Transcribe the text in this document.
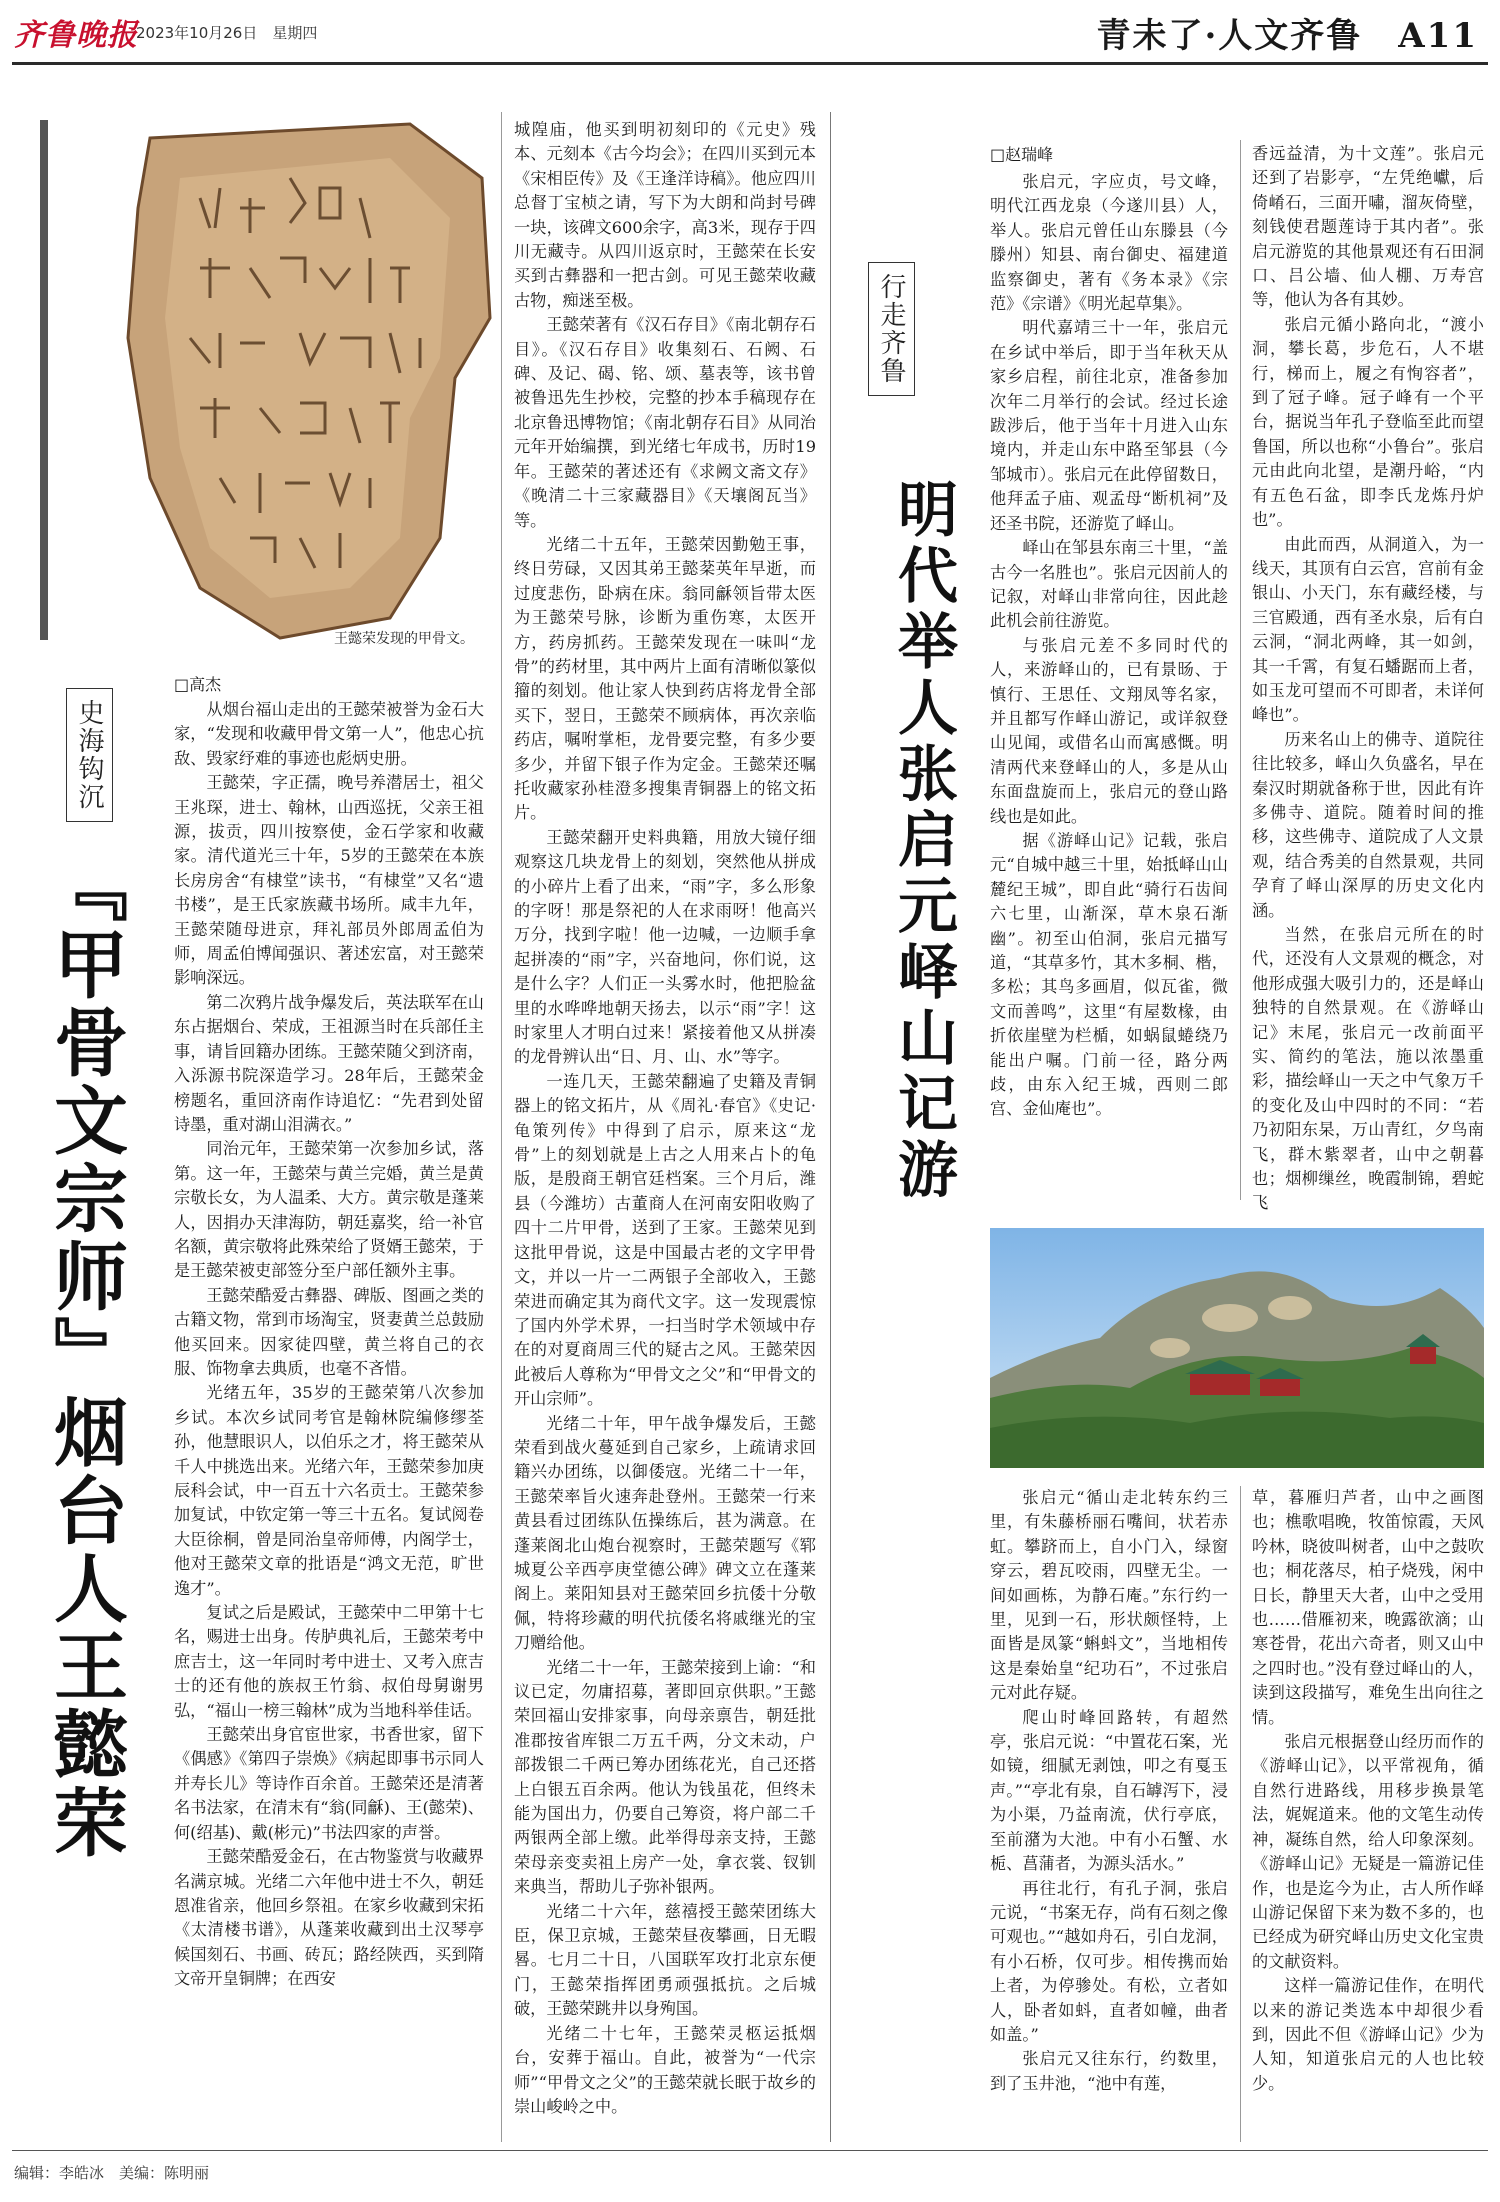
齐鲁晚报
2023年10月26日　星期四	青未了·人文齐鲁　A11
王懿荣发现的甲骨文。
史海钩沉
『甲骨文宗师』烟台人王懿荣
□高杰

从烟台福山走出的王懿荣被誉为金石大家，“发现和收藏甲骨文第一人”，他忠心抗敌、毁家纾难的事迹也彪炳史册。

王懿荣，字正孺，晚号养潜居士，祖父王兆琛，进士、翰林，山西巡抚，父亲王祖源，拔贡，四川按察使，金石学家和收藏家。清代道光三十年，5岁的王懿荣在本族长房房舍“有棣堂”读书，“有棣堂”又名“遗书楼”，是王氏家族藏书场所。咸丰九年，王懿荣随母进京，拜礼部员外郎周孟伯为师，周孟伯博闻强识、著述宏富，对王懿荣影响深远。

第二次鸦片战争爆发后，英法联军在山东占据烟台、荣成，王祖源当时在兵部任主事，请旨回籍办团练。王懿荣随父到济南，入泺源书院深造学习。28年后，王懿荣金榜题名，重回济南作诗追忆：“先君到处留诗墨，重对湖山泪满衣。”

同治元年，王懿荣第一次参加乡试，落第。这一年，王懿荣与黄兰完婚，黄兰是黄宗敬长女，为人温柔、大方。黄宗敬是蓬莱人，因捐办天津海防，朝廷嘉奖，给一补官名额，黄宗敬将此殊荣给了贤婿王懿荣，于是王懿荣被吏部签分至户部任额外主事。

王懿荣酷爱古彝器、碑版、图画之类的古籍文物，常到市场淘宝，贤妻黄兰总鼓励他买回来。因家徒四壁，黄兰将自己的衣服、饰物拿去典质，也毫不吝惜。

光绪五年，35岁的王懿荣第八次参加乡试。本次乡试同考官是翰林院编修缪荃孙，他慧眼识人，以伯乐之才，将王懿荣从千人中挑选出来。光绪六年，王懿荣参加庚辰科会试，中一百五十六名贡士。王懿荣参加复试，中钦定第一等三十五名。复试阅卷大臣徐桐，曾是同治皇帝师傅，内阁学士，他对王懿荣文章的批语是“鸿文无范，旷世逸才”。

复试之后是殿试，王懿荣中二甲第十七名，赐进士出身。传胪典礼后，王懿荣考中庶吉士，这一年同时考中进士、又考入庶吉士的还有他的族叔王竹翁、叔伯母舅谢男弘，“福山一榜三翰林”成为当地科举佳话。

王懿荣出身官宦世家，书香世家，留下《偶感》《第四子崇焕》《病起即事书示同人并寿长儿》等诗作百余首。王懿荣还是清著名书法家，在清末有“翁(同龢)、王(懿荣)、何(绍基)、戴(彬元)”书法四家的声誉。

王懿荣酷爱金石，在古物鉴赏与收藏界名满京城。光绪二六年他中进士不久，朝廷恩准省亲，他回乡祭祖。在家乡收藏到宋拓《太清楼书谱》，从蓬莱收藏到出土汉琴亭候国刻石、书画、砖瓦；路经陕西，买到隋文帝开皇铜牌；在西安

城隍庙，他买到明初刻印的《元史》残本、元刻本《古今均会》；在四川买到元本《宋相臣传》及《王逢洋诗稿》。他应四川总督丁宝桢之请，写下为大朗和尚封号碑一块，该碑文600余字，高3米，现存于四川无藏寺。从四川返京时，王懿荣在长安买到古彝器和一把古剑。可见王懿荣收藏古物，痴迷至极。

王懿荣著有《汉石存目》《南北朝存石目》。《汉石存目》收集刻石、石阙、石碑、及记、碣、铭、颂、墓表等，该书曾被鲁迅先生抄校，完整的抄本手稿现存在北京鲁迅博物馆；《南北朝存石目》从同治元年开始编撰，到光绪七年成书，历时19年。王懿荣的著述还有《求阙文斋文存》《晚清二十三家藏器目》《天壤阁瓦当》等。

光绪二十五年，王懿荣因勤勉王事，终日劳碌，又因其弟王懿棻英年早逝，而过度悲伤，卧病在床。翁同龢领旨带太医为王懿荣号脉，诊断为重伤寒，太医开方，药房抓药。王懿荣发现在一味叫“龙骨”的药材里，其中两片上面有清晰似篆似籀的刻划。他让家人快到药店将龙骨全部买下，翌日，王懿荣不顾病体，再次亲临药店，嘱咐掌柜，龙骨要完整，有多少要多少，并留下银子作为定金。王懿荣还嘱托收藏家孙桂澄多搜集青铜器上的铭文拓片。

王懿荣翻开史料典籍，用放大镜仔细观察这几块龙骨上的刻划，突然他从拼成的小碎片上看了出来，“雨”字，多么形象的字呀！那是祭祀的人在求雨呀！他高兴万分，找到字啦！他一边喊，一边顺手拿起拼凑的“雨”字，兴奋地问，你们说，这是什么字？人们正一头雾水时，他把脸盆里的水哗哗地朝天扬去，以示“雨”字！这时家里人才明白过来！紧接着他又从拼凑的龙骨辨认出“日、月、山、水”等字。

一连几天，王懿荣翻遍了史籍及青铜器上的铭文拓片，从《周礼·春官》《史记·龟策列传》中得到了启示，原来这“龙骨”上的刻划就是上古之人用来占卜的龟版，是殷商王朝官廷档案。三个月后，潍县（今潍坊）古董商人在河南安阳收购了四十二片甲骨，送到了王家。王懿荣见到这批甲骨说，这是中国最古老的文字甲骨文，并以一片一二两银子全部收入，王懿荣进而确定其为商代文字。这一发现震惊了国内外学术界，一扫当时学术领域中存在的对夏商周三代的疑古之风。王懿荣因此被后人尊称为“甲骨文之父”和“甲骨文的开山宗师”。

光绪二十年，甲午战争爆发后，王懿荣看到战火蔓延到自己家乡，上疏请求回籍兴办团练，以御倭寇。光绪二十一年，王懿荣率旨火速奔赴登州。王懿荣一行来黄县看过团练队伍操练后，甚为满意。在蓬莱阁北山炮台视察时，王懿荣题写《郓城夏公辛西亭庚堂德公碑》碑文立在蓬莱阁上。莱阳知县对王懿荣回乡抗倭十分敬佩，特将珍藏的明代抗倭名将戚继光的宝刀赠给他。

光绪二十一年，王懿荣接到上谕：“和议已定，勿庸招募，著即回京供职。”王懿荣回福山安排家事，向母亲禀告，朝廷批准郡按省库银二万五千两，分文未动，户部拨银二千两已筹办团练花光，自己还搭上白银五百余两。他认为钱虽花，但终未能为国出力，仍要自己筹资，将户部二千两银两全部上缴。此举得母亲支持，王懿荣母亲变卖祖上房产一处，拿衣裳、钗钏来典当，帮助儿子弥补银两。

光绪二十六年，慈禧授王懿荣团练大臣，保卫京城，王懿荣昼夜攀画，日无暇晷。七月二十日，八国联军攻打北京东便门，王懿荣指挥团勇顽强抵抗。之后城破，王懿荣跳井以身殉国。

光绪二十七年，王懿荣灵柩运抵烟台，安葬于福山。自此，被誉为“一代宗师”“甲骨文之父”的王懿荣就长眠于故乡的崇山峻岭之中。

行走齐鲁
明代举人张启元峄山记游
□赵瑞峰

张启元，字应贞，号文峰，明代江西龙泉（今遂川县）人，举人。张启元曾任山东滕县（今滕州）知县、南台御史、福建道监察御史，著有《务本录》《宗范》《宗谱》《明光起草集》。

明代嘉靖三十一年，张启元在乡试中举后，即于当年秋天从家乡启程，前往北京，准备参加次年二月举行的会试。经过长途跋涉后，他于当年十月进入山东境内，并走山东中路至邹县（今邹城市）。张启元在此停留数日，他拜孟子庙、观孟母“断机祠”及还圣书院，还游览了峄山。

峄山在邹县东南三十里，“盖古今一名胜也”。张启元因前人的记叙，对峄山非常向往，因此趁此机会前往游览。

与张启元差不多同时代的人，来游峄山的，已有景旸、于慎行、王思任、文翔凤等名家，并且都写作峄山游记，或详叙登山见闻，或借名山而寓感慨。明清两代来登峄山的人，多是从山东面盘旋而上，张启元的登山路线也是如此。

据《游峄山记》记载，张启元“自城中越三十里，始抵峄山山麓纪王城”，即自此“骑行石齿间六七里，山渐深，草木泉石渐幽”。初至山伯洞，张启元描写道，“其草多竹，其木多桐、楷，多松；其鸟多画眉，似瓦雀，微文而善鸣”，这里“有屋数椽，由折依崖壁为栏楯，如蜗鼠蜷绕乃能出户嘱。门前一径，路分两歧，由东入纪王城，西则二郎宫、金仙庵也”。

香远益清，为十文莲”。张启元还到了岩影亭，“左凭绝巘，后倚崤石，三面开嘯，溜灰倚壁，刻钱使君题莲诗于其内者”。张启元游览的其他景观还有石田洞口、吕公墙、仙人棚、万寿宫等，他认为各有其妙。

张启元循小路向北，“渡小洞，攀长葛，步危石，人不堪行，梯而上，履之有恂容者”，到了冠子峰。冠子峰有一个平台，据说当年孔子登临至此而望鲁国，所以也称“小鲁台”。张启元由此向北望，是潮丹峪，“内有五色石盆，即李氏龙炼丹炉也”。

由此而西，从洞道入，为一线天，其顶有白云宫，宫前有金银山、小天门，东有藏经楼，与三官殿通，西有圣水泉，后有白云洞，“洞北两峰，其一如剑，其一千霄，有复石蟠踞而上者，如玉龙可望而不可即者，未详何峰也”。

历来名山上的佛寺、道院往往比较多，峄山久负盛名，早在秦汉时期就备称于世，因此有许多佛寺、道院。随着时间的推移，这些佛寺、道院成了人文景观，结合秀美的自然景观，共同孕育了峄山深厚的历史文化内涵。

当然，在张启元所在的时代，还没有人文景观的概念，对他形成强大吸引力的，还是峄山独特的自然景观。在《游峄山记》末尾，张启元一改前面平实、简约的笔法，施以浓墨重彩，描绘峄山一天之中气象万千的变化及山中四时的不同：“若乃初阳东杲，万山青红，夕鸟南飞，群木紫翠者，山中之朝暮也；烟柳缫丝，晚霞制锦，碧蛇飞

张启元“循山走北转东约三里，有朱藤桥丽石嘴间，状若赤虹。攀跻而上，自小门入，绿窗穿云，碧瓦咬雨，四壁无尘。一间如画栋，为静石庵。”东行约一里，见到一石，形状颇怪特，上面皆是凤篆“蝌蚪文”，当地相传这是秦始皇“纪功石”，不过张启元对此存疑。

爬山时峰回路转，有超然亭，张启元说：“中置花石案，光如镜，细腻无剥蚀，叩之有戛玉声。”“亭北有泉，自石罅泻下，浸为小渠，乃益南流，伏行亭底，至前潴为大池。中有小石蟹、水栀、菖蒲者，为源头活水。”

再往北行，有孔子洞，张启元说，“书案无存，尚有石刻之像可观也。”“越如舟石，引白龙洞，有小石桥，仅可步。相传携而始上者，为停骖处。有松，立者如人，卧者如蚪，直者如幢，曲者如盖。”

张启元又往东行，约数里，到了玉井池，“池中有莲，

草，暮雁归芦者，山中之画图也；樵歌唱晚，牧笛惊霞，天风吟林，晓彼叫树者，山中之鼓吹也；桐花落尽，柏子烧残，闲中日长，静里天大者，山中之受用也……借雁初来，晚露欲滴；山寒苍骨，花出六奇者，则又山中之四时也。”没有登过峄山的人，读到这段描写，难免生出向往之情。

张启元根据登山经历而作的《游峄山记》，以平常视角，循自然行进路线，用移步换景笔法，娓娓道来。他的文笔生动传神，凝练自然，给人印象深刻。《游峄山记》无疑是一篇游记佳作，也是迄今为止，古人所作峄山游记保留下来为数不多的，也已经成为研究峄山历史文化宝贵的文献资料。

这样一篇游记佳作，在明代以来的游记类选本中却很少看到，因此不但《游峄山记》少为人知，知道张启元的人也比较少。

编辑：李皓冰　美编：陈明丽
